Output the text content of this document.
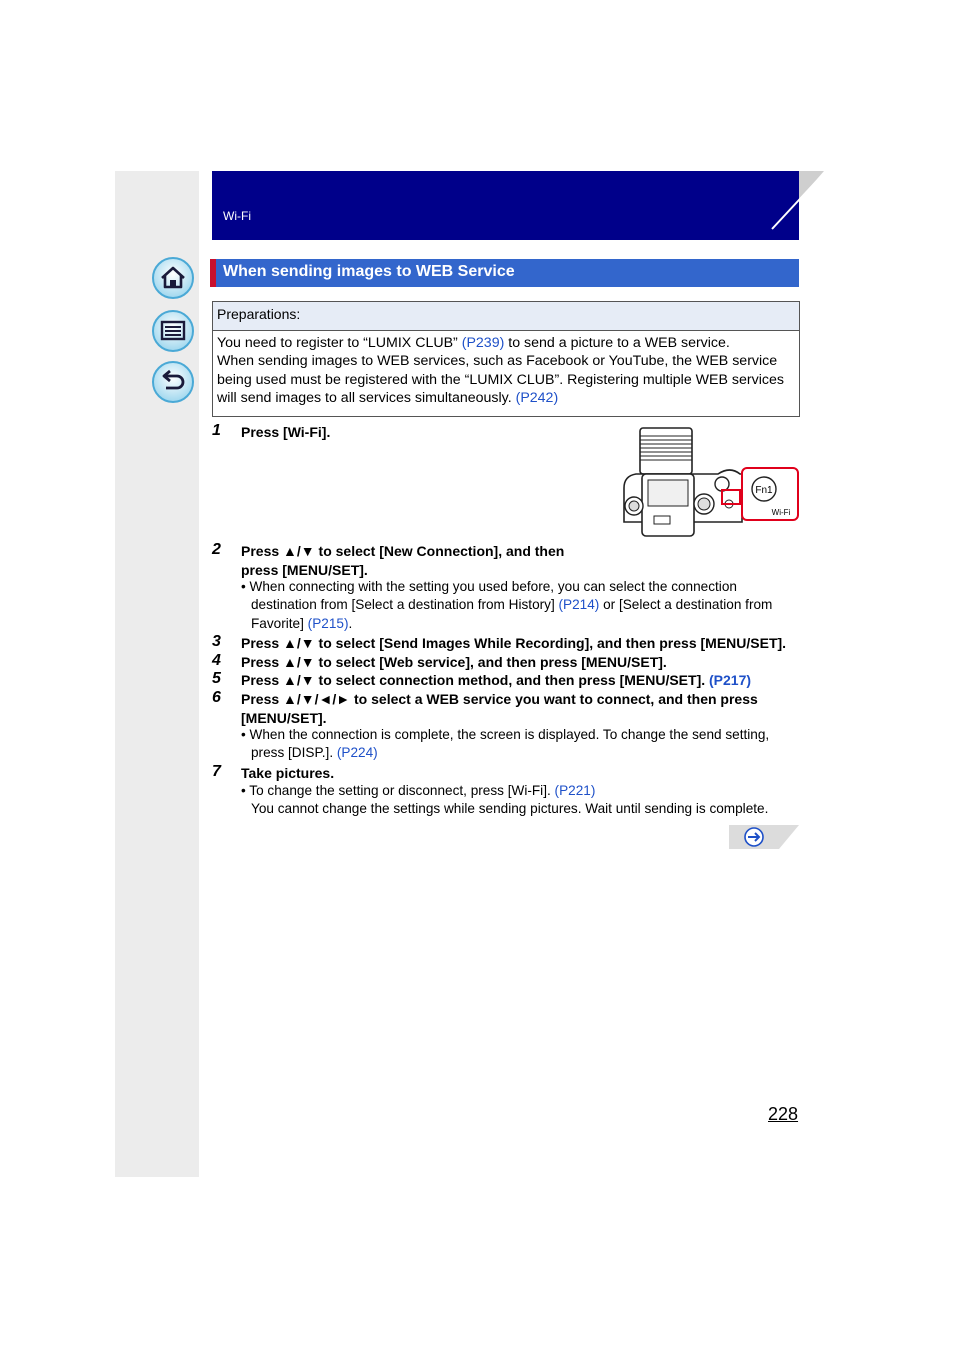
Wi-Fi
When sending images to WEB Service
Preparations:
You need to register to “LUMIX CLUB” (P239) to send a picture to a WEB service.
When sending images to WEB services, such as Facebook or YouTube, the WEB service being used must be registered with the “LUMIX CLUB”. Registering multiple WEB services will send images to all services simultaneously. (P242)
1 Press [Wi-Fi].
Fn1
Wi-Fi
2 Press ▲/▼ to select [New Connection], and then
press [MENU/SET].
• When connecting with the setting you used before, you can select the connection
destination from [Select a destination from History] (P214) or [Select a destination from
Favorite] (P215).
3 Press ▲/▼ to select [Send Images While Recording], and then press [MENU/SET].
4 Press ▲/▼ to select [Web service], and then press [MENU/SET].
5 Press ▲/▼ to select connection method, and then press [MENU/SET]. (P217)
6 Press ▲/▼/◄/► to select a WEB service you want to connect, and then press
[MENU/SET].
• When the connection is complete, the screen is displayed. To change the send setting,
press [DISP.]. (P224)
7 Take pictures.
• To change the setting or disconnect, press [Wi-Fi]. (P221)
You cannot change the settings while sending pictures. Wait until sending is complete.
228
